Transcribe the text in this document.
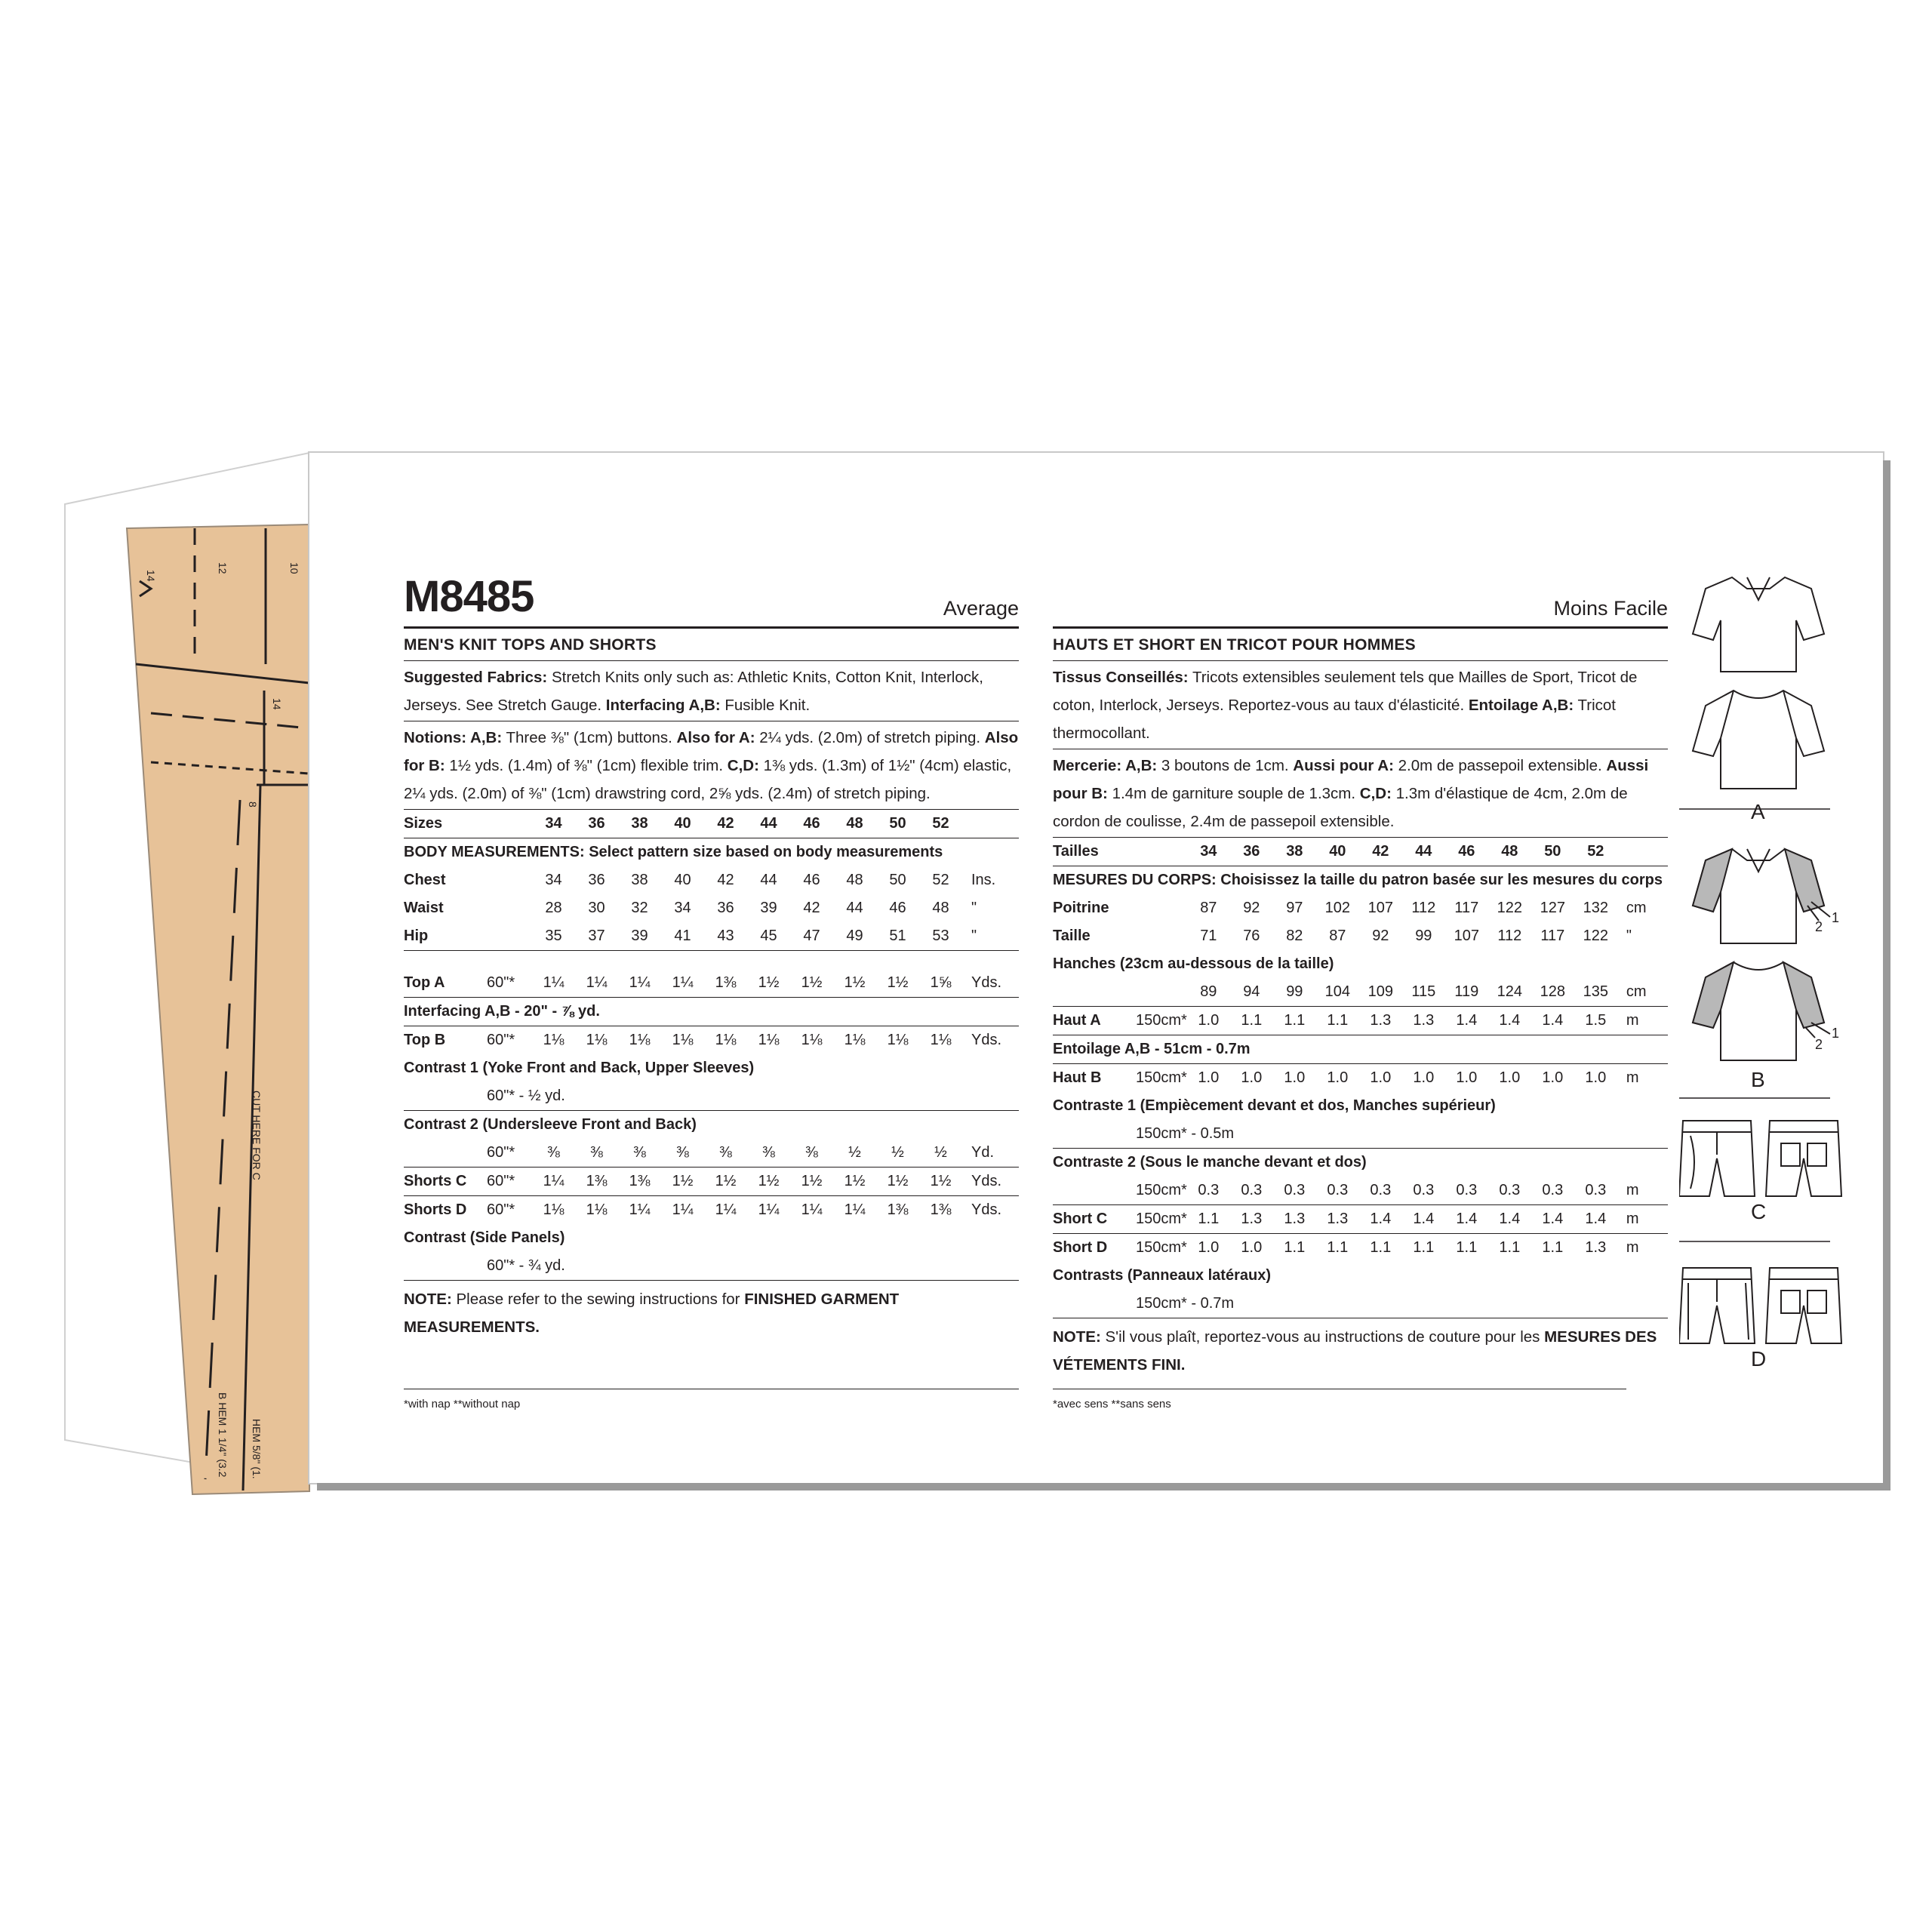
14
12	10
14
8
CUT HERE FOR C
B HEM 1 1/4" (3.2 HEM 5/8" (1.
M8485	Average
MEN'S KNIT TOPS AND SHORTS
Suggested Fabrics: Stretch Knits only such as: Athletic Knits, Cotton Knit, Interlock, Jerseys. See Stretch Gauge. Interfacing A,B: Fusible Knit.
Notions: A,B: Three ⅜" (1cm) buttons. Also for A: 2¼ yds. (2.0m) of stretch piping. Also for B: 1½ yds. (1.4m) of ⅜" (1cm) flexible trim. C,D: 1⅜ yds. (1.3m) of 1½" (4cm) elastic, 2¼ yds. (2.0m) of ⅜" (1cm) drawstring cord, 2⅝ yds. (2.4m) of stretch piping.
Sizes		34	36	38	40	42	44	46	48	50	52	
BODY MEASUREMENTS: Select pattern size based on body measurements												
Chest		34	36	38	40	42	44	46	48	50	52	Ins.
Waist		28	30	32	34	36	39	42	44	46	48	"
Hip		35	37	39	41	43	45	47	49	51	53	"

Top A	60"*	1¼	1¼	1¼	1¼	1⅜	1½	1½	1½	1½	1⅝	Yds.
Interfacing A,B - 20" - ⅞ yd.												
Top B	60"*	1⅛	1⅛	1⅛	1⅛	1⅛	1⅛	1⅛	1⅛	1⅛	1⅛	Yds.
Contrast 1 (Yoke Front and Back, Upper Sleeves)												
	60"* - ½ yd.											
Contrast 2 (Undersleeve Front and Back)												
	60"*	⅜	⅜	⅜	⅜	⅜	⅜	⅜	½	½	½	Yd.
Shorts C	60"*	1¼	1⅜	1⅜	1½	1½	1½	1½	1½	1½	1½	Yds.
Shorts D	60"*	1⅛	1⅛	1¼	1¼	1¼	1¼	1¼	1¼	1⅜	1⅜	Yds.
Contrast (Side Panels)												
	60"* - ¾ yd.											
NOTE: Please refer to the sewing instructions for FINISHED GARMENT MEASUREMENTS.
*with nap **without nap
Moins Facile
HAUTS ET SHORT EN TRICOT POUR HOMMES
Tissus Conseillés: Tricots extensibles seulement tels que Mailles de Sport, Tricot de coton, Interlock, Jerseys. Reportez-vous au taux d'élasticité. Entoilage A,B: Tricot thermocollant.
Mercerie: A,B: 3 boutons de 1cm. Aussi pour A: 2.0m de passepoil extensible. Aussi pour B: 1.4m de garniture souple de 1.3cm. C,D: 1.3m d'élastique de 4cm, 2.0m de cordon de coulisse, 2.4m de passepoil extensible.
Tailles		34	36	38	40	42	44	46	48	50	52	
MESURES DU CORPS: Choisissez la taille du patron basée sur les mesures du corps												
Poitrine		87	92	97	102	107	112	117	122	127	132	cm
Taille		71	76	82	87	92	99	107	112	117	122	"
Hanches (23cm au-dessous de la taille)												
		89	94	99	104	109	115	119	124	128	135	cm
Haut A	150cm*	1.0	1.1	1.1	1.1	1.3	1.3	1.4	1.4	1.4	1.5	m
Entoilage A,B - 51cm - 0.7m												
Haut B	150cm*	1.0	1.0	1.0	1.0	1.0	1.0	1.0	1.0	1.0	1.0	m
Contraste 1 (Empiècement devant et dos, Manches supérieur)												
	150cm* - 0.5m											
Contraste 2 (Sous le manche devant et dos)												
	150cm*	0.3	0.3	0.3	0.3	0.3	0.3	0.3	0.3	0.3	0.3	m
Short C	150cm*	1.1	1.3	1.3	1.3	1.4	1.4	1.4	1.4	1.4	1.4	m
Short D	150cm*	1.0	1.0	1.1	1.1	1.1	1.1	1.1	1.1	1.1	1.3	m
Contrasts (Panneaux latéraux)												
	150cm* - 0.7m											
NOTE: S'il vous plaît, reportez-vous au instructions de couture pour les MESURES DES VÉTEMENTS FINI.
*avec sens **sans sens
A
B
C
D
1
2
1
2
